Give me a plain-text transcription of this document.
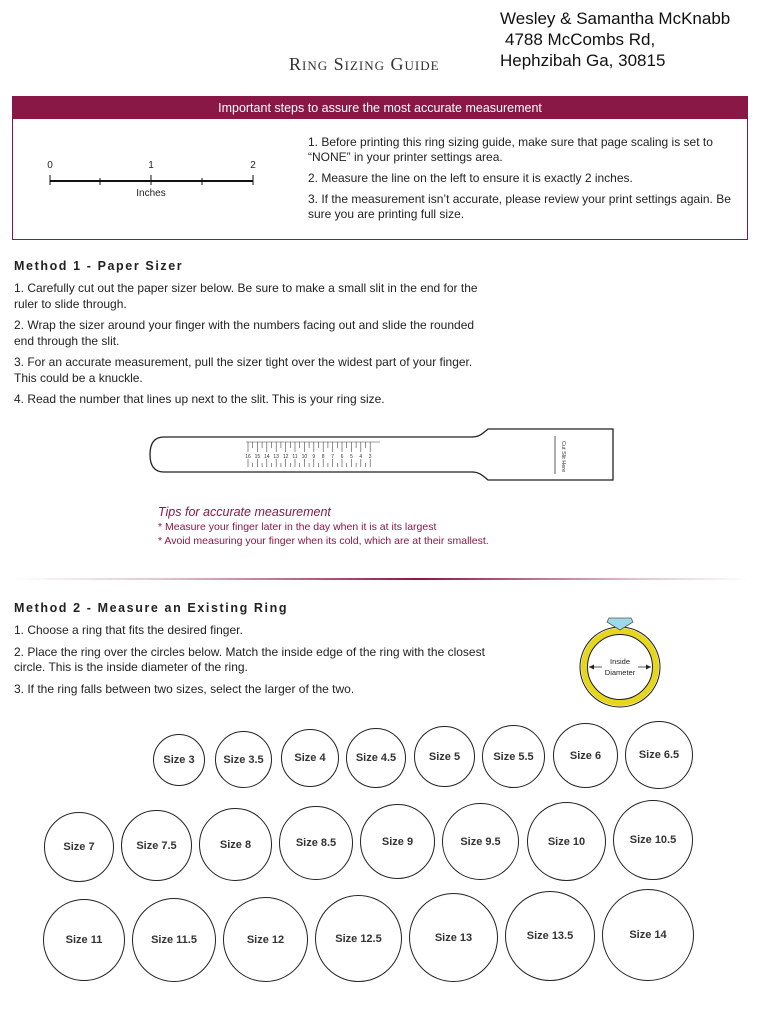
Wesley & Samantha McKnabb
4788 McCombs Rd,
Hephzibah Ga, 30815
Ring Sizing Guide
Important steps to assure the most accurate measurement
0	1	2
Inches

1. Before printing this ring sizing guide, make sure that page scaling is set to “NONE” in your printer settings area.

2. Measure the line on the left to ensure it is exactly 2 inches.

3. If the measurement isn’t accurate, please review your print settings again. Be sure you are printing full size.

Method 1 - Paper Sizer

1. Carefully cut out the paper sizer below. Be sure to make a small slit in the end for the ruler to slide through.

2. Wrap the sizer around your finger with the numbers facing out and slide the rounded end through the slit.

3. For an accurate measurement, pull the sizer tight over the widest part of your finger. This could be a knuckle.

4. Read the number that lines up next to the slit. This is your ring size.

16 15 14 13 12 11 10 9 8 7 6 5 4 3	Cut Slit Here
Tips for accurate measurement
* Measure your finger later in the day when it is at its largest
* Avoid measuring your finger when its cold, which are at their smallest.
Method 2 - Measure an Existing Ring

1. Choose a ring that fits the desired finger.

2. Place the ring over the circles below. Match the inside edge of the ring with the closest circle. This is the inside diameter of the ring.

3. If the ring falls between two sizes, select the larger of the two.

Inside
Diameter
Size 3	Size 3.5	Size 4	Size 4.5	Size 5	Size 5.5	Size 6	Size 6.5
Size 7	Size 7.5	Size 8	Size 8.5	Size 9	Size 9.5	Size 10	Size 10.5
Size 11	Size 11.5	Size 12	Size 12.5	Size 13	Size 13.5	Size 14
